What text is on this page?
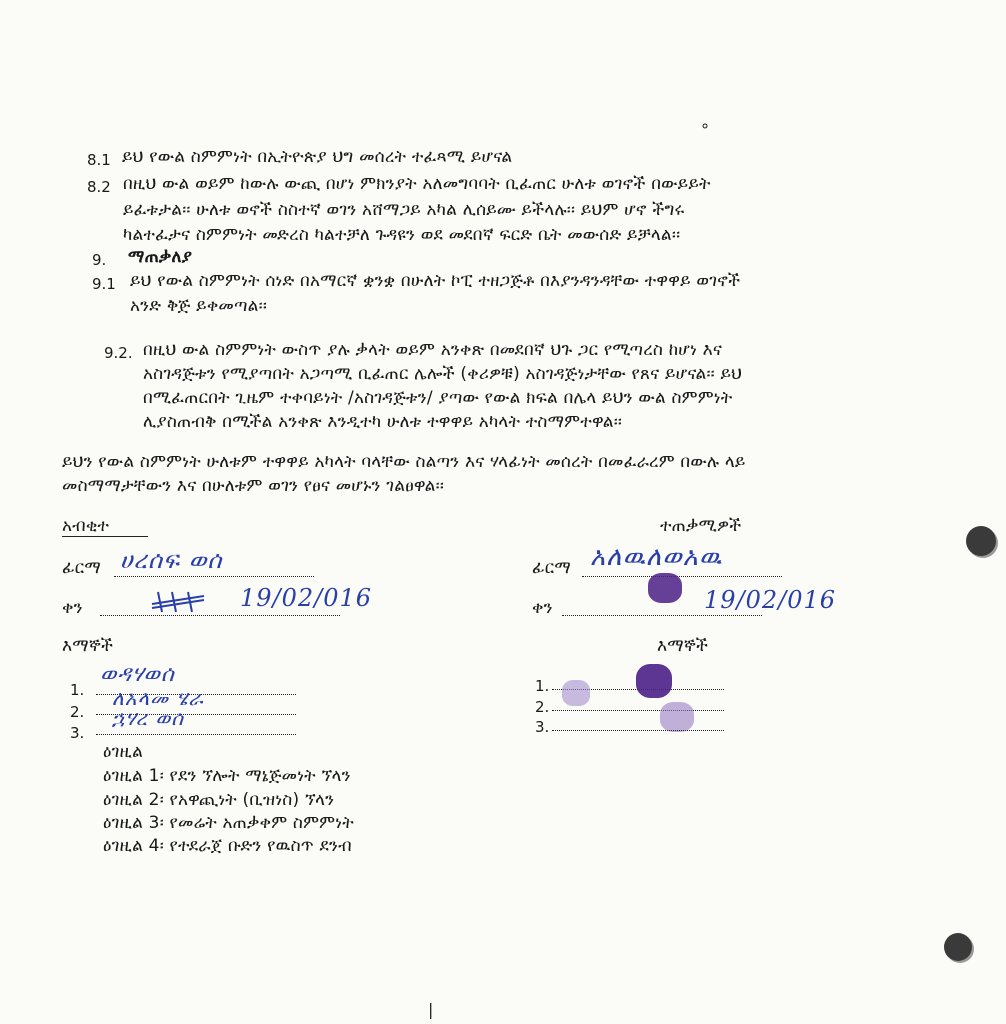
∘
|
8.1 ይህ የውል ስምምነት በኢትዮጵያ ህግ መሰረት ተፈጻሚ ይሆናል
8.2 በዚህ ውል ወይም ከውሉ ውጪ በሆነ ምክንያት አለመግባባት ቢፈጠር ሁለቱ ወገኖች በውይይት
ይፈቱታል፡፡ ሁለቱ ወኖች ስስተኛ ወገን አሸማጋይ አካል ሊሰይሙ ይችላሉ፡፡ ይህም ሆኖ ችግሩ
ካልተፈታና ስምምነት መድረስ ካልተቻለ ጉዳዩን ወደ መደበኛ ፍርድ ቤት መውሰድ ይቻላል፡፡
9. ማጠቃለያ
9.1 ይህ የውል ስምምነት ሰነድ በአማርኛ ቋንቋ በሁለት ኮፒ ተዘጋጅቶ በእያንዳንዳቸው ተዋዋይ ወገኖች
አንድ ቅጅ ይቀመጣል፡፡
9.2. በዚህ ውል ስምምነት ውስጥ ያሉ ቃላት ወይም አንቀጽ በመደበኛ ህጉ ጋር የሚጣረስ ከሆነ እና
አስገዳጅቱን የሚያጣበት አጋጣሚ ቢፈጠር ሌሎች (ቀሪዎቹ) አስገዳጅነታቸው የጸና ይሆናል፡፡ ይህ
በሚፈጠርበት ጊዜም ተቀባይነት /አስገዳጅቱን/ ያጣው የውል ክፍል በሌላ ይህን ውል ስምምነት
ሊያስጠብቅ በሚችል አንቀጽ እንዲተካ ሁለቱ ተዋዋይ አካላት ተስማምተዋል፡፡
ይህን የውል ስምምነት ሁለቱም ተዋዋይ አካላት ባላቸው ስልጣን እና ሃላፊነት መሰረት በመፈራረም በውሉ ላይ
መስማማታቸውን እና በሁለቱም ወገን የፀና መሆኑን ገልፀዋል፡፡
አብቂተ
ፊርማ ሀረሰፍ ወሰ
ቀን	19/02/016
እማኞች
1.
ወዳሃወሰ
2.
ለአላመ ሄራ
3.
ኋሃረ ወሰ
ተጠቃሚዎች
ፊርማ አለዉለወአዉ
ቀን	19/02/016
እማኞች
1.
2.
3.
ዕገዚል
ዕገዚል 1፡ የደን ኘሎት ማኔጅመነት ኘላን
ዕገዚል 2፡ የአዋጪነት (ቢዝነስ) ኘላን
ዕገዚል 3፡ የመሬት አጠቃቀም ስምምነት
ዕገዚል 4፡ የተደራጀ ቡድን የዉስጥ ደንብ
